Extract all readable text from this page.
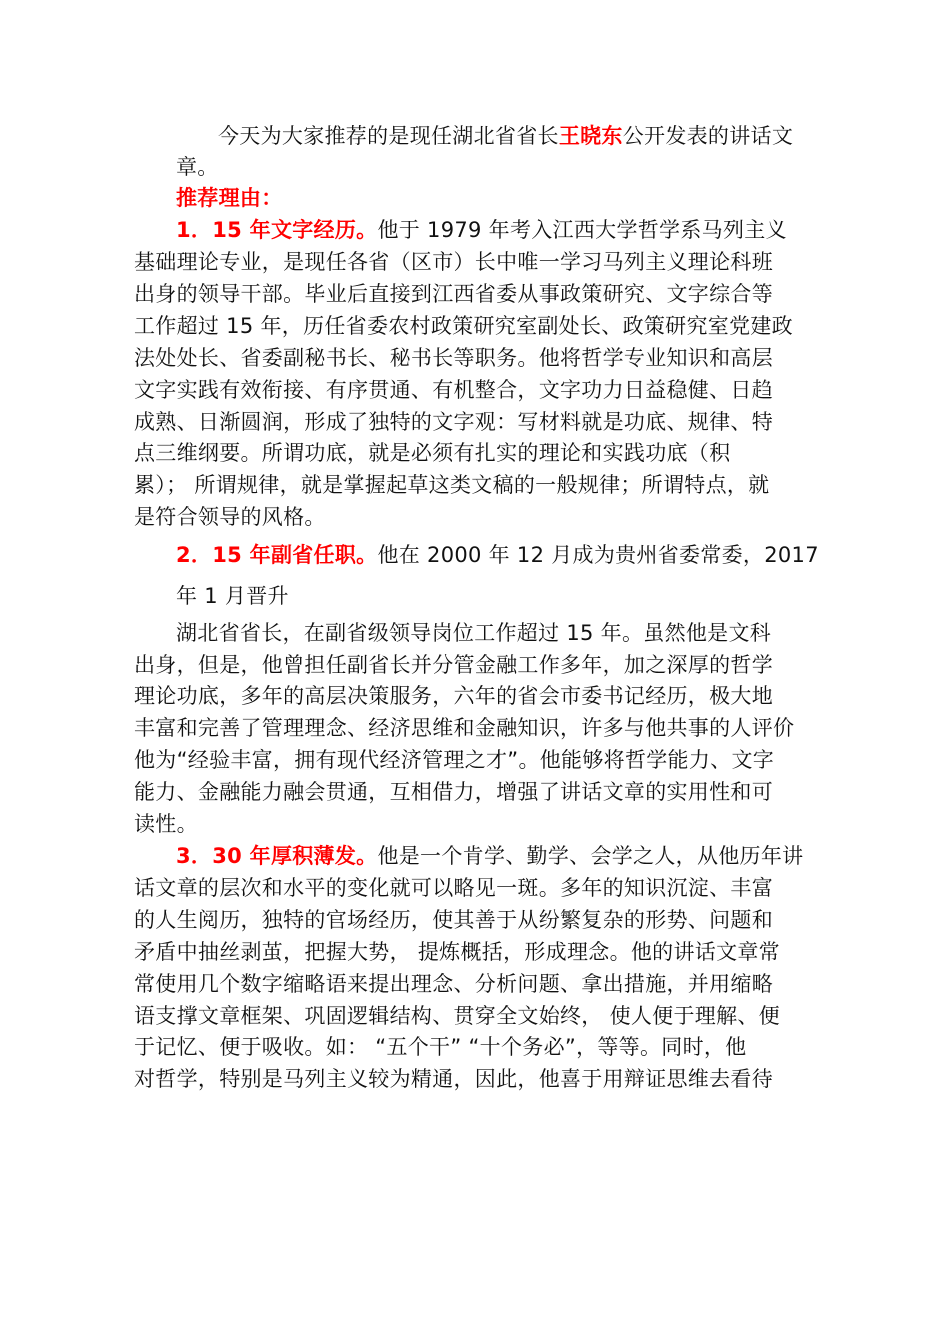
今天为大家推荐的是现任湖北省省长王晓东公开发表的讲话文
章。
推荐理由：
1．15 年文字经历。他于 1979 年考入江西大学哲学系马列主义
基础理论专业，是现任各省（区市）长中唯一学习马列主义理论科班
出身的领导干部。毕业后直接到江西省委从事政策研究、文字综合等
工作超过 15 年，历任省委农村政策研究室副处长、政策研究室党建政
法处处长、省委副秘书长、秘书长等职务。他将哲学专业知识和高层
文字实践有效衔接、有序贯通、有机整合，文字功力日益稳健、日趋
成熟、日渐圆润，形成了独特的文字观：写材料就是功底、规律、特
点三维纲要。所谓功底，就是必须有扎实的理论和实践功底（积
累）； 所谓规律，就是掌握起草这类文稿的一般规律；所谓特点，就
是符合领导的风格。
2．15 年副省任职。他在 2000 年 12 月成为贵州省委常委，2017
年 1 月晋升
湖北省省长，在副省级领导岗位工作超过 15 年。虽然他是文科
出身，但是，他曾担任副省长并分管金融工作多年，加之深厚的哲学
理论功底，多年的高层决策服务，六年的省会市委书记经历，极大地
丰富和完善了管理理念、经济思维和金融知识，许多与他共事的人评价
他为“经验丰富，拥有现代经济管理之才”。他能够将哲学能力、文字
能力、金融能力融会贯通，互相借力，增强了讲话文章的实用性和可
读性。
3．30 年厚积薄发。他是一个肯学、勤学、会学之人，从他历年讲
话文章的层次和水平的变化就可以略见一斑。多年的知识沉淀、丰富
的人生阅历，独特的官场经历，使其善于从纷繁复杂的形势、问题和
矛盾中抽丝剥茧，把握大势， 提炼概括，形成理念。他的讲话文章常
常使用几个数字缩略语来提出理念、分析问题、拿出措施，并用缩略
语支撑文章框架、巩固逻辑结构、贯穿全文始终， 使人便于理解、便
于记忆、便于吸收。如： “五个干” “十个务必”，等等。同时，他
对哲学，特别是马列主义较为精通，因此，他喜于用辩证思维去看待
